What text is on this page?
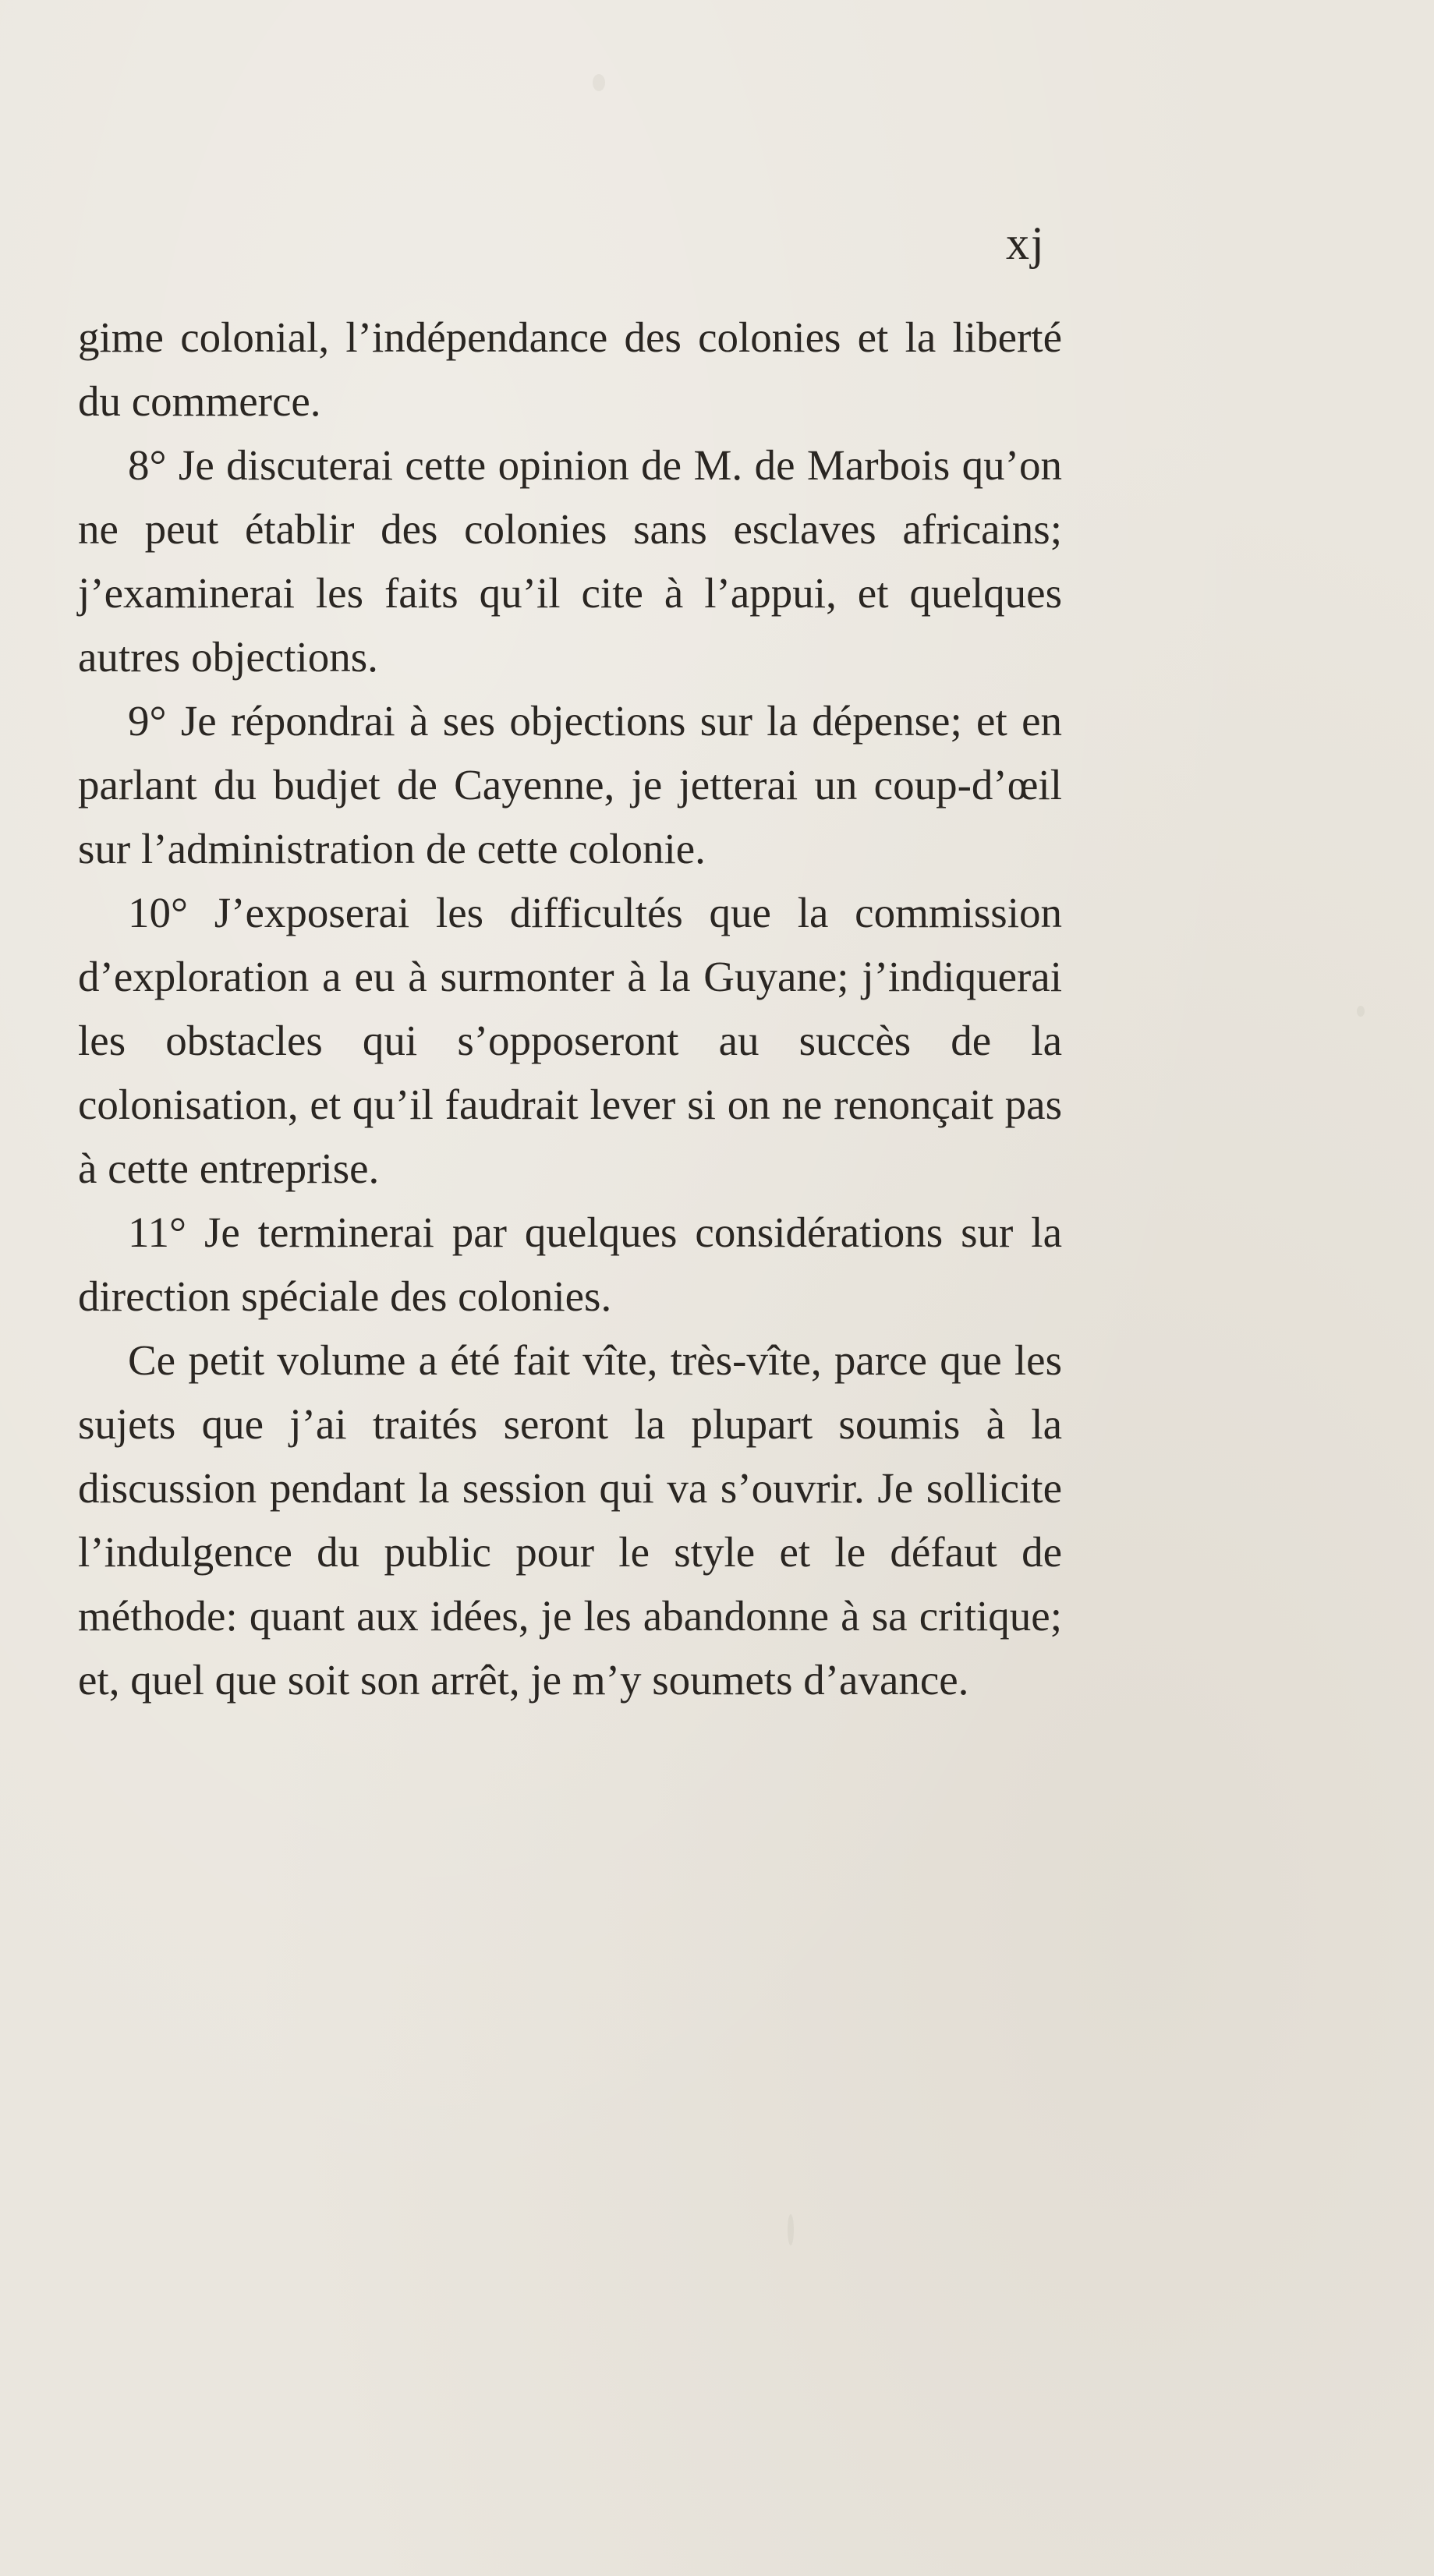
xj

gime colonial, l’indépendance des colonies et la liberté du commerce.

8° Je discuterai cette opinion de M. de Marbois qu’on ne peut établir des colonies sans esclaves africains; j’examinerai les faits qu’il cite à l’appui, et quelques autres objections.

9° Je répondrai à ses objections sur la dépense; et en parlant du budjet de Cayenne, je jetterai un coup-d’œil sur l’administration de cette colonie.

10° J’exposerai les difficultés que la commission d’exploration a eu à surmonter à la Guyane; j’indiquerai les obstacles qui s’opposeront au succès de la colonisation, et qu’il faudrait lever si on ne renonçait pas à cette entreprise.

11° Je terminerai par quelques considérations sur la direction spéciale des colonies.

Ce petit volume a été fait vîte, très-vîte, parce que les sujets que j’ai traités seront la plupart soumis à la discussion pendant la session qui va s’ouvrir. Je sollicite l’indulgence du public pour le style et le défaut de méthode: quant aux idées, je les abandonne à sa critique; et, quel que soit son arrêt, je m’y soumets d’avance.
